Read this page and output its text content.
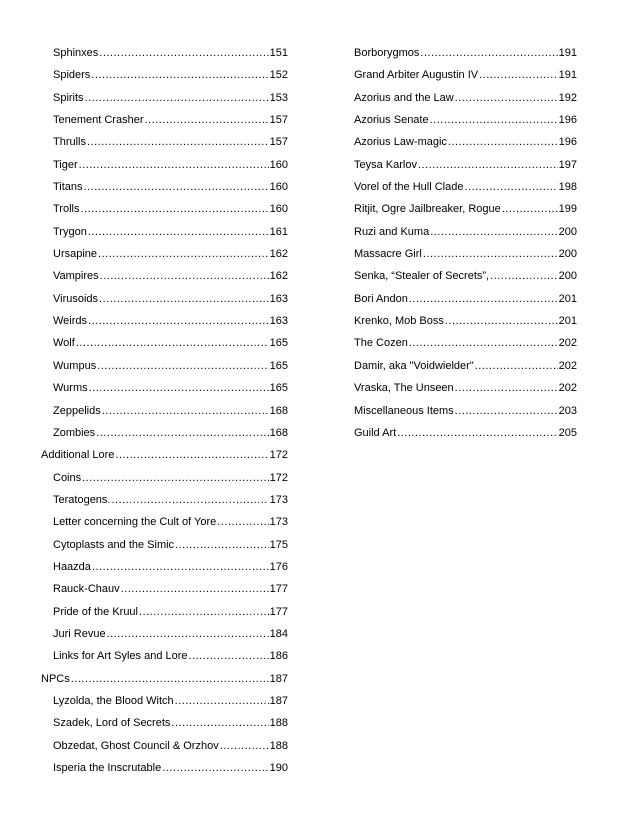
Sphinxes .....	151
Spiders .....	152
Spirits .....	153
Tenement Crasher .....	157
Thrulls .....	157
Tiger .....	160
Titans .....	160
Trolls .....	160
Trygon .....	161
Ursapine .....	162
Vampires .....	162
Virusoids .....	163
Weirds .....	163
Wolf .....	165
Wumpus .....	165
Wurms .....	165
Zeppelids .....	168
Zombies .....	168
Additional Lore .....	172
Coins .....	172
Teratogens. .....	173
Letter concerning the Cult of Yore .....	173
Cytoplasts and the Simic .....	175
Haazda .....	176
Rauck-Chauv .....	177
Pride of the Kruul .....	177
Juri Revue .....	184
Links for Art Syles and Lore .....	186
NPCs .....	187
Lyzolda, the Blood Witch .....	187
Szadek, Lord of Secrets .....	188
Obzedat, Ghost Council & Orzhov .....	188
Isperia the Inscrutable .....	190
Borborygmos .....	191
Grand Arbiter Augustin IV .....	191
Azorius and the Law .....	192
Azorius Senate .....	196
Azorius Law-magic .....	196
Teysa Karlov .....	197
Vorel of the Hull Clade .....	198
Ritjit, Ogre Jailbreaker, Rogue .....	199
Ruzi and Kuma .....	200
Massacre Girl .....	200
Senka, “Stealer of Secrets”, .....	200
Bori Andon .....	201
Krenko, Mob Boss .....	201
The Cozen .....	202
Damir, aka "Voidwielder" .....	202
Vraska, The Unseen .....	202
Miscellaneous Items .....	203
Guild Art .....	205
